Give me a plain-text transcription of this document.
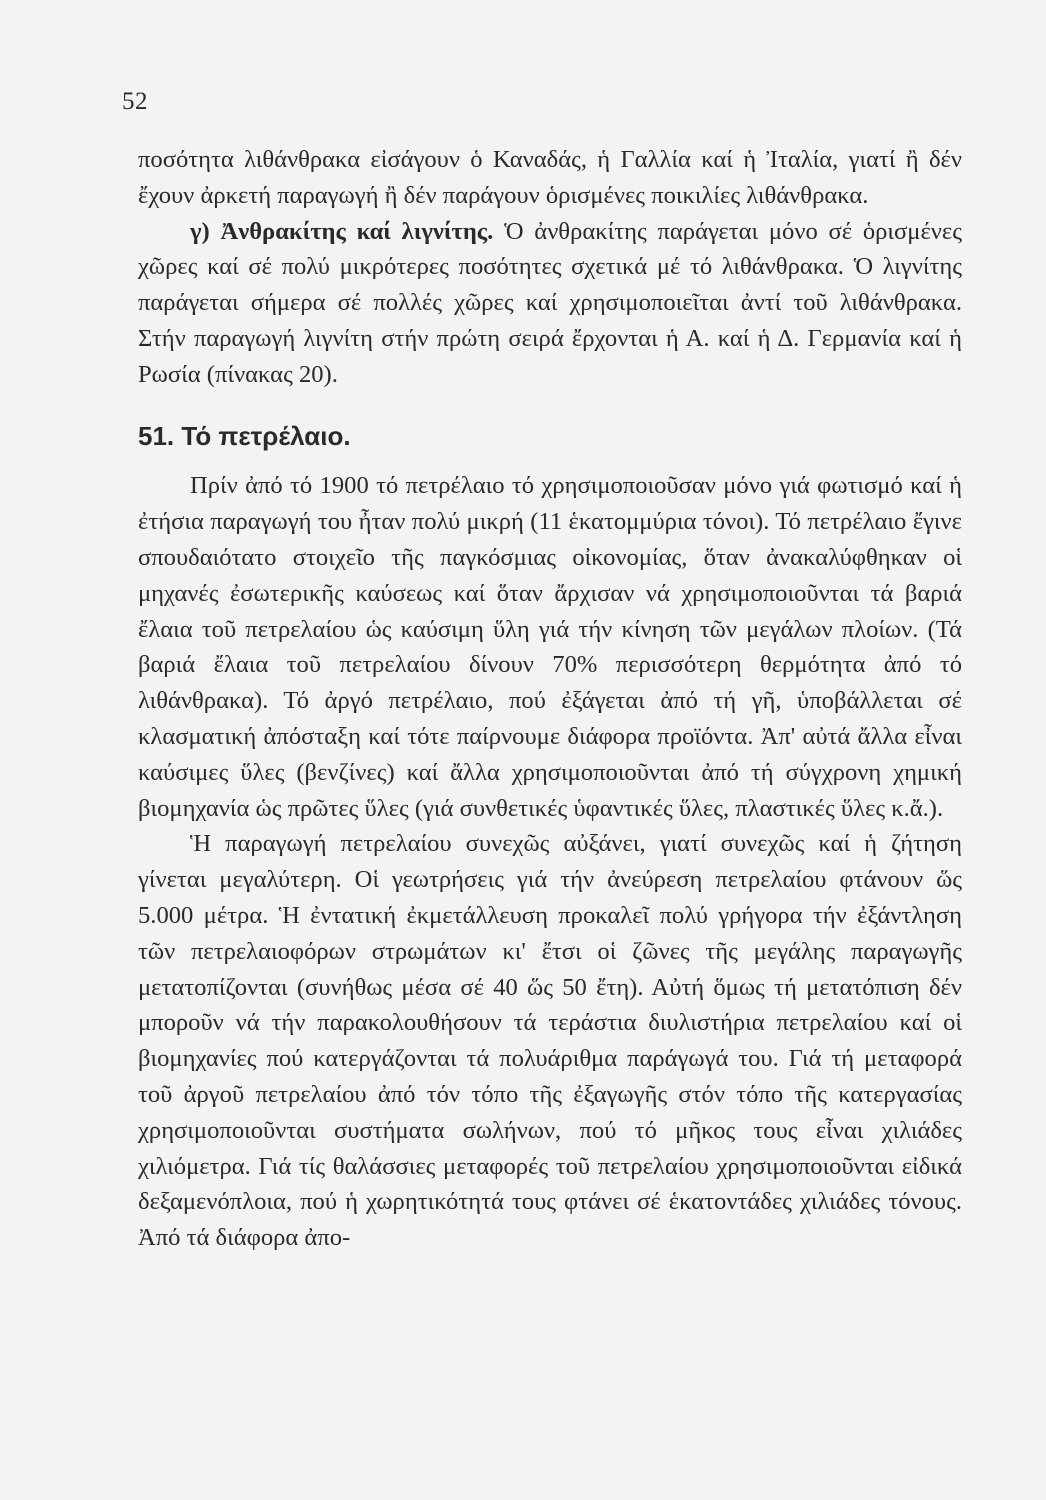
52

ποσότητα λιθάνθρακα εἰσάγουν ὁ Καναδάς, ἡ Γαλλία καί ἡ Ἰταλία, γιατί ἢ δέν ἔχουν ἀρκετή παραγωγή ἢ δέν παράγουν ὁρισμένες ποικιλίες λιθάνθρακα.

γ) Ἀνθρακίτης καί λιγνίτης. Ὁ ἀνθρακίτης παράγεται μόνο σέ ὁρισμένες χῶρες καί σέ πολύ μικρότερες ποσότητες σχετικά μέ τό λιθάνθρακα. Ὁ λιγνίτης παράγεται σήμερα σέ πολλές χῶρες καί χρησιμοποιεῖται ἀντί τοῦ λιθάνθρακα. Στήν παραγωγή λιγνίτη στήν πρώτη σειρά ἔρχονται ἡ Α. καί ἡ Δ. Γερμανία καί ἡ Ρωσία (πίνακας 20).

51. Τό πετρέλαιο.

Πρίν ἀπό τό 1900 τό πετρέλαιο τό χρησιμοποιοῦσαν μόνο γιά φωτισμό καί ἡ ἐτήσια παραγωγή του ἦταν πολύ μικρή (11 ἑκατομμύρια τόνοι). Τό πετρέλαιο ἔγινε σπουδαιότατο στοιχεῖο τῆς παγκόσμιας οἰκονομίας, ὅταν ἀνακαλύφθηκαν οἱ μηχανές ἐσωτερικῆς καύσεως καί ὅταν ἄρχισαν νά χρησιμοποιοῦνται τά βαριά ἔλαια τοῦ πετρελαίου ὡς καύσιμη ὕλη γιά τήν κίνηση τῶν μεγάλων πλοίων. (Τά βαριά ἔλαια τοῦ πετρελαίου δίνουν 70% περισσότερη θερμότητα ἀπό τό λιθάνθρακα). Τό ἀργό πετρέλαιο, πού ἐξάγεται ἀπό τή γῆ, ὑποβάλλεται σέ κλασματική ἀπόσταξη καί τότε παίρνουμε διάφορα προϊόντα. Ἀπ' αὐτά ἄλλα εἶναι καύσιμες ὕλες (βενζίνες) καί ἄλλα χρησιμοποιοῦνται ἀπό τή σύγχρονη χημική βιομηχανία ὡς πρῶτες ὕλες (γιά συνθετικές ὑφαντικές ὕλες, πλαστικές ὕλες κ.ἄ.).

Ἡ παραγωγή πετρελαίου συνεχῶς αὐξάνει, γιατί συνεχῶς καί ἡ ζήτηση γίνεται μεγαλύτερη. Οἱ γεωτρήσεις γιά τήν ἀνεύρεση πετρελαίου φτάνουν ὥς 5.000 μέτρα. Ἡ ἐντατική ἐκμετάλλευση προκαλεῖ πολύ γρήγορα τήν ἐξάντληση τῶν πετρελαιοφόρων στρωμάτων κι' ἔτσι οἱ ζῶνες τῆς μεγάλης παραγωγῆς μετατοπίζονται (συνήθως μέσα σέ 40 ὥς 50 ἔτη). Αὐτή ὅμως τή μετατόπιση δέν μποροῦν νά τήν παρακολουθήσουν τά τεράστια διυλιστήρια πετρελαίου καί οἱ βιομηχανίες πού κατεργάζονται τά πολυάριθμα παράγωγά του. Γιά τή μεταφορά τοῦ ἀργοῦ πετρελαίου ἀπό τόν τόπο τῆς ἐξαγωγῆς στόν τόπο τῆς κατεργασίας χρησιμοποιοῦνται συστήματα σωλήνων, πού τό μῆκος τους εἶναι χιλιάδες χιλιόμετρα. Γιά τίς θαλάσσιες μεταφορές τοῦ πετρελαίου χρησιμοποιοῦνται εἰδικά δεξαμενόπλοια, πού ἡ χωρητικότητά τους φτάνει σέ ἑκατοντάδες χιλιάδες τόνους. Ἀπό τά διάφορα ἀπο-
